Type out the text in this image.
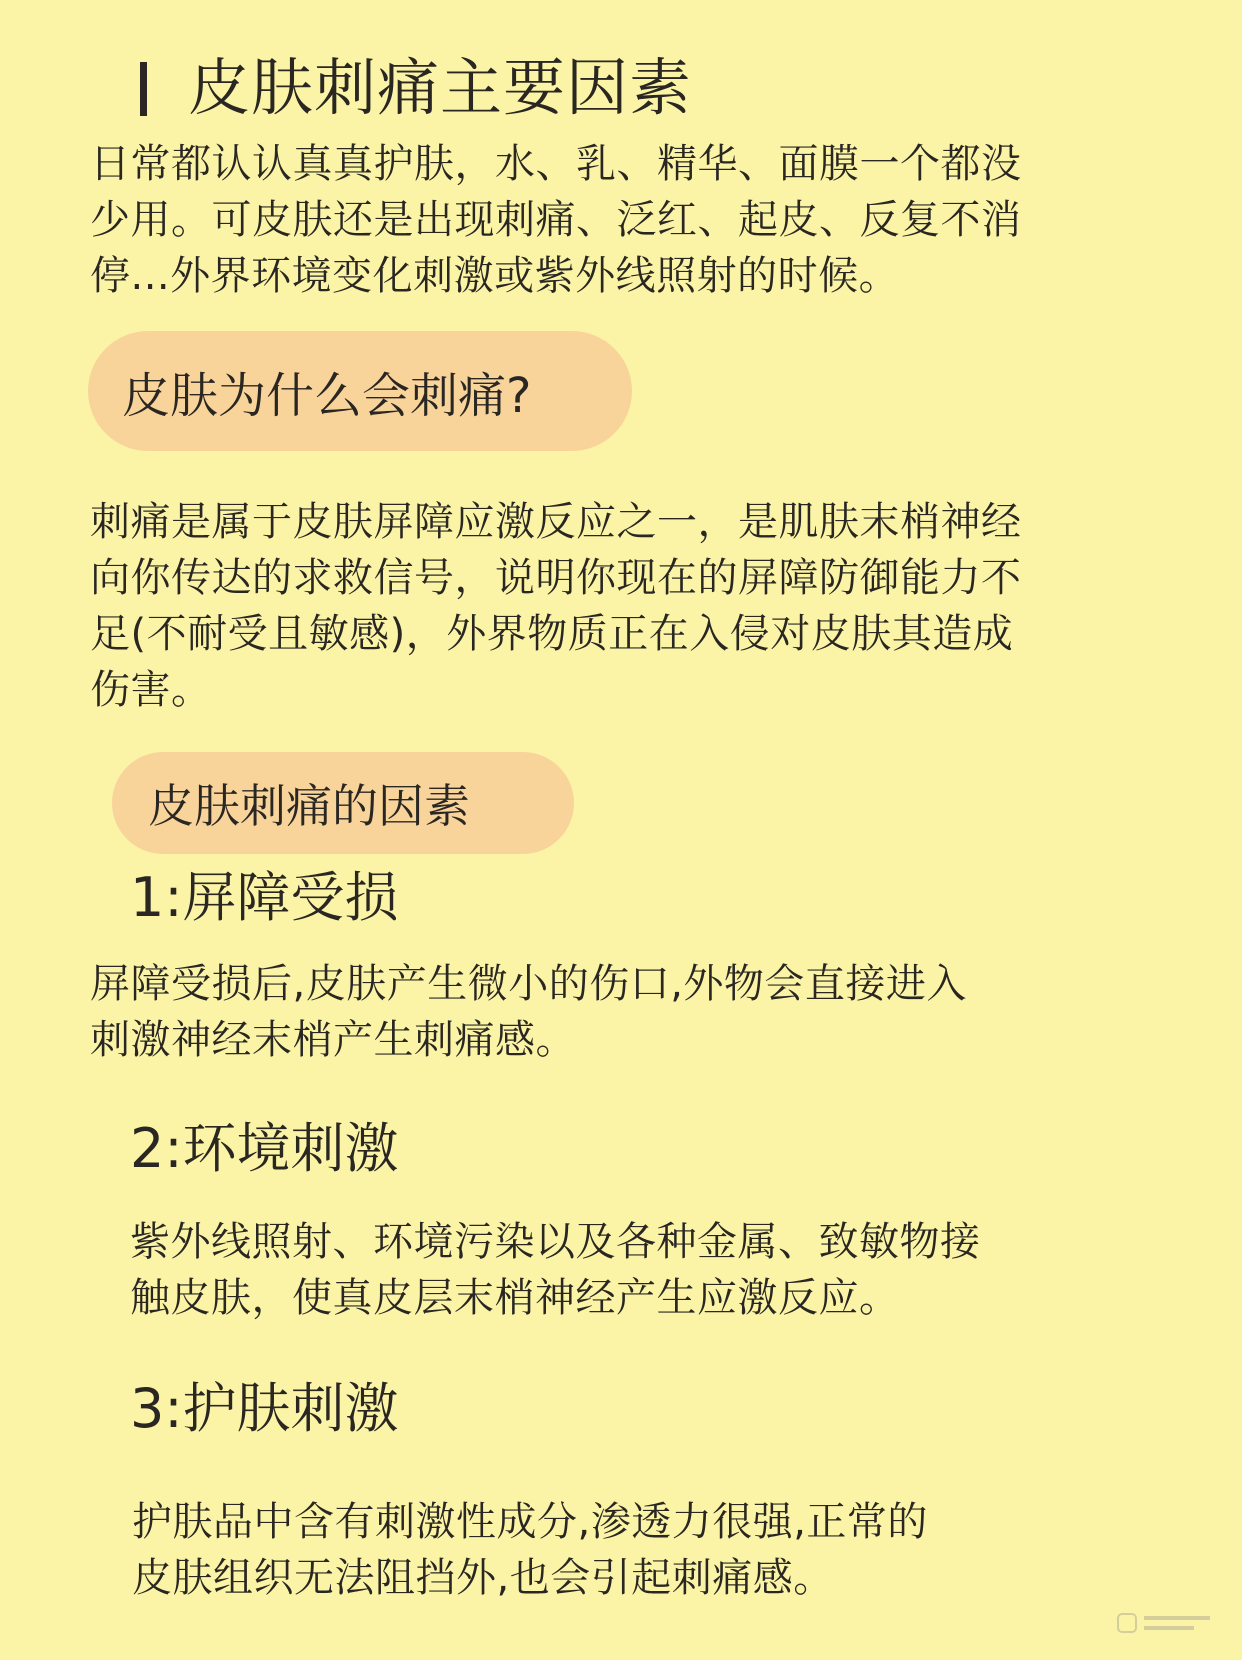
皮肤刺痛主要因素
日常都认认真真护肤，水、乳、精华、面膜一个都没
少用。可皮肤还是出现刺痛、泛红、起皮、反复不消
停...外界环境变化刺激或紫外线照射的时候。
皮肤为什么会刺痛?
刺痛是属于皮肤屏障应激反应之一，是肌肤末梢神经
向你传达的求救信号，说明你现在的屏障防御能力不
足(不耐受且敏感)，外界物质正在入侵对皮肤其造成
伤害。
皮肤刺痛的因素
1:屏障受损
屏障受损后,皮肤产生微小的伤口,外物会直接进入
刺激神经末梢产生刺痛感。
2:环境刺激
紫外线照射、环境污染以及各种金属、致敏物接
触皮肤，使真皮层末梢神经产生应激反应。
3:护肤刺激
护肤品中含有刺激性成分,渗透力很强,正常的
皮肤组织无法阻挡外,也会引起刺痛感。
